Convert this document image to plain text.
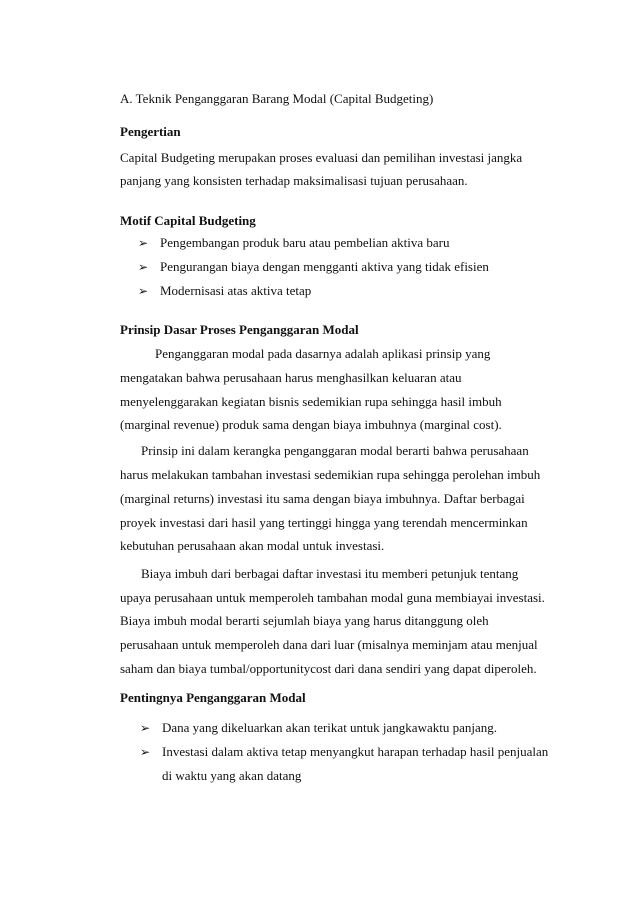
A. Teknik Penganggaran Barang Modal (Capital Budgeting)
Pengertian
Capital Budgeting merupakan proses evaluasi dan pemilihan investasi jangka
panjang yang konsisten terhadap maksimalisasi tujuan perusahaan.
Motif Capital Budgeting
➢
Pengembangan produk baru atau pembelian aktiva baru
➢
Pengurangan biaya dengan mengganti aktiva yang tidak efisien
➢
Modernisasi atas aktiva tetap
Prinsip Dasar Proses Penganggaran Modal
Penganggaran modal pada dasarnya adalah aplikasi prinsip yang
mengatakan bahwa perusahaan harus menghasilkan keluaran atau
menyelenggarakan kegiatan bisnis sedemikian rupa sehingga hasil imbuh
(marginal revenue) produk sama dengan biaya imbuhnya (marginal cost).
Prinsip ini dalam kerangka penganggaran modal berarti bahwa perusahaan
harus melakukan tambahan investasi sedemikian rupa sehingga perolehan imbuh
(marginal returns) investasi itu sama dengan biaya imbuhnya. Daftar berbagai
proyek investasi dari hasil yang tertinggi hingga yang terendah mencerminkan
kebutuhan perusahaan akan modal untuk investasi.
Biaya imbuh dari berbagai daftar investasi itu memberi petunjuk tentang
upaya perusahaan untuk memperoleh tambahan modal guna membiayai investasi.
Biaya imbuh modal berarti sejumlah biaya yang harus ditanggung oleh
perusahaan untuk memperoleh dana dari luar (misalnya meminjam atau menjual
saham dan biaya tumbal/opportunitycost dari dana sendiri yang dapat diperoleh.
Pentingnya Penganggaran Modal
➢
Dana yang dikeluarkan akan terikat untuk jangkawaktu panjang.
➢
Investasi dalam aktiva tetap menyangkut harapan terhadap hasil penjualan
di waktu yang akan datang
